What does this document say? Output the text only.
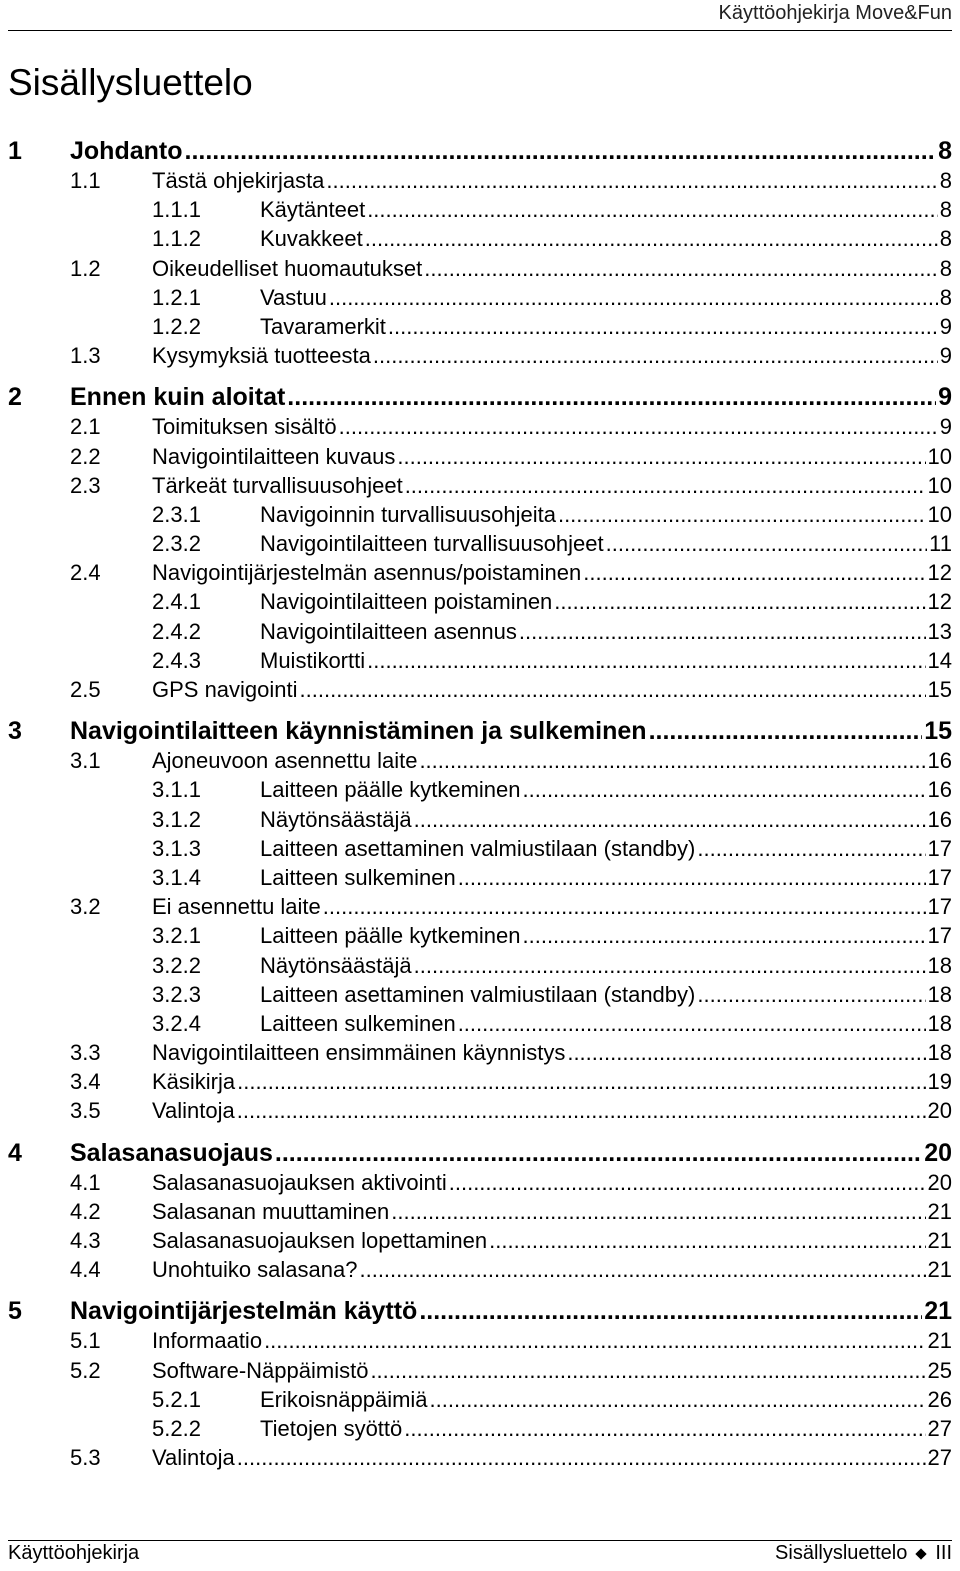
Käyttöohjekirja Move&Fun
Sisällysluettelo
1	Johdanto .....	8
1.1	Tästä ohjekirjasta .....	8
1.1.1	Käytänteet .....	8
1.1.2	Kuvakkeet .....	8
1.2	Oikeudelliset huomautukset .....	8
1.2.1	Vastuu .....	8
1.2.2	Tavaramerkit .....	9
1.3	Kysymyksiä tuotteesta .....	9
2	Ennen kuin aloitat .....	9
2.1	Toimituksen sisältö .....	9
2.2	Navigointilaitteen kuvaus .....	10
2.3	Tärkeät turvallisuusohjeet .....	10
2.3.1	Navigoinnin turvallisuusohjeita .....	10
2.3.2	Navigointilaitteen turvallisuusohjeet .....	11
2.4	Navigointijärjestelmän asennus/poistaminen .....	12
2.4.1	Navigointilaitteen poistaminen .....	12
2.4.2	Navigointilaitteen asennus .....	13
2.4.3	Muistikortti .....	14
2.5	GPS navigointi .....	15
3	Navigointilaitteen käynnistäminen ja sulkeminen .....	15
3.1	Ajoneuvoon asennettu laite .....	16
3.1.1	Laitteen päälle kytkeminen .....	16
3.1.2	Näytönsäästäjä .....	16
3.1.3	Laitteen asettaminen valmiustilaan (standby) .....	17
3.1.4	Laitteen sulkeminen .....	17
3.2	Ei asennettu laite .....	17
3.2.1	Laitteen päälle kytkeminen .....	17
3.2.2	Näytönsäästäjä .....	18
3.2.3	Laitteen asettaminen valmiustilaan (standby) .....	18
3.2.4	Laitteen sulkeminen .....	18
3.3	Navigointilaitteen ensimmäinen käynnistys .....	18
3.4	Käsikirja .....	19
3.5	Valintoja .....	20
4	Salasanasuojaus .....	20
4.1	Salasanasuojauksen aktivointi .....	20
4.2	Salasanan muuttaminen .....	21
4.3	Salasanasuojauksen lopettaminen .....	21
4.4	Unohtuiko salasana? .....	21
5	Navigointijärjestelmän käyttö .....	21
5.1	Informaatio .....	21
5.2	Software-Näppäimistö .....	25
5.2.1	Erikoisnäppäimiä .....	26
5.2.2	Tietojen syöttö .....	27
5.3	Valintoja .....	27
Käyttöohjekirja	Sisällysluettelo III
